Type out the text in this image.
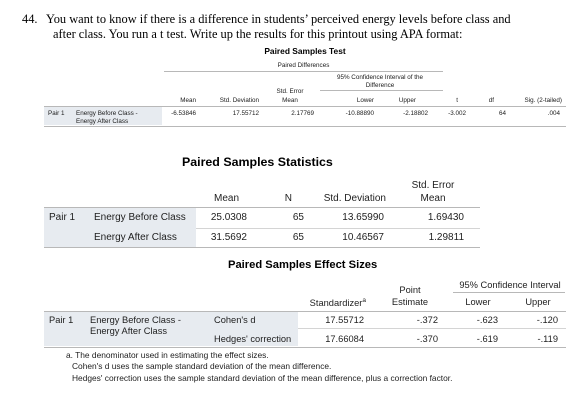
44. You want to know if there is a difference in students’ perceived energy levels before class and
after class. You run a t test. Write up the results for this printout using APA format:
Paired Samples Test
Paired Differences
95% Confidence Interval of the
Difference
Mean	Std. Deviation
Std. Error
Mean	Lower	Upper	t	df	Sig. (2-tailed)
Pair 1 Energy Before Class -
Energy After Class
-6.53846	17.55712	2.17769	-10.88890	-2.18802	-3.002	64	.004
Paired Samples Statistics
Mean	N	Std. Deviation
Std. Error
Mean
Pair 1 Energy Before Class	25.0308	65	13.65990	1.69430
Energy After Class	31.5692	65	10.46567	1.29811
Paired Samples Effect Sizes
95% Confidence Interval
Standardizer$^a$
Point
Estimate	Lower	Upper
Pair 1 Energy Before Class -
Energy After Class
Cohen's d	17.55712	-.372	-.623	-.120
Hedges' correction	17.66084	-.370	-.619	-.119
a. The denominator used in estimating the effect sizes.
Cohen's d uses the sample standard deviation of the mean difference.
Hedges' correction uses the sample standard deviation of the mean difference, plus a correction factor.
